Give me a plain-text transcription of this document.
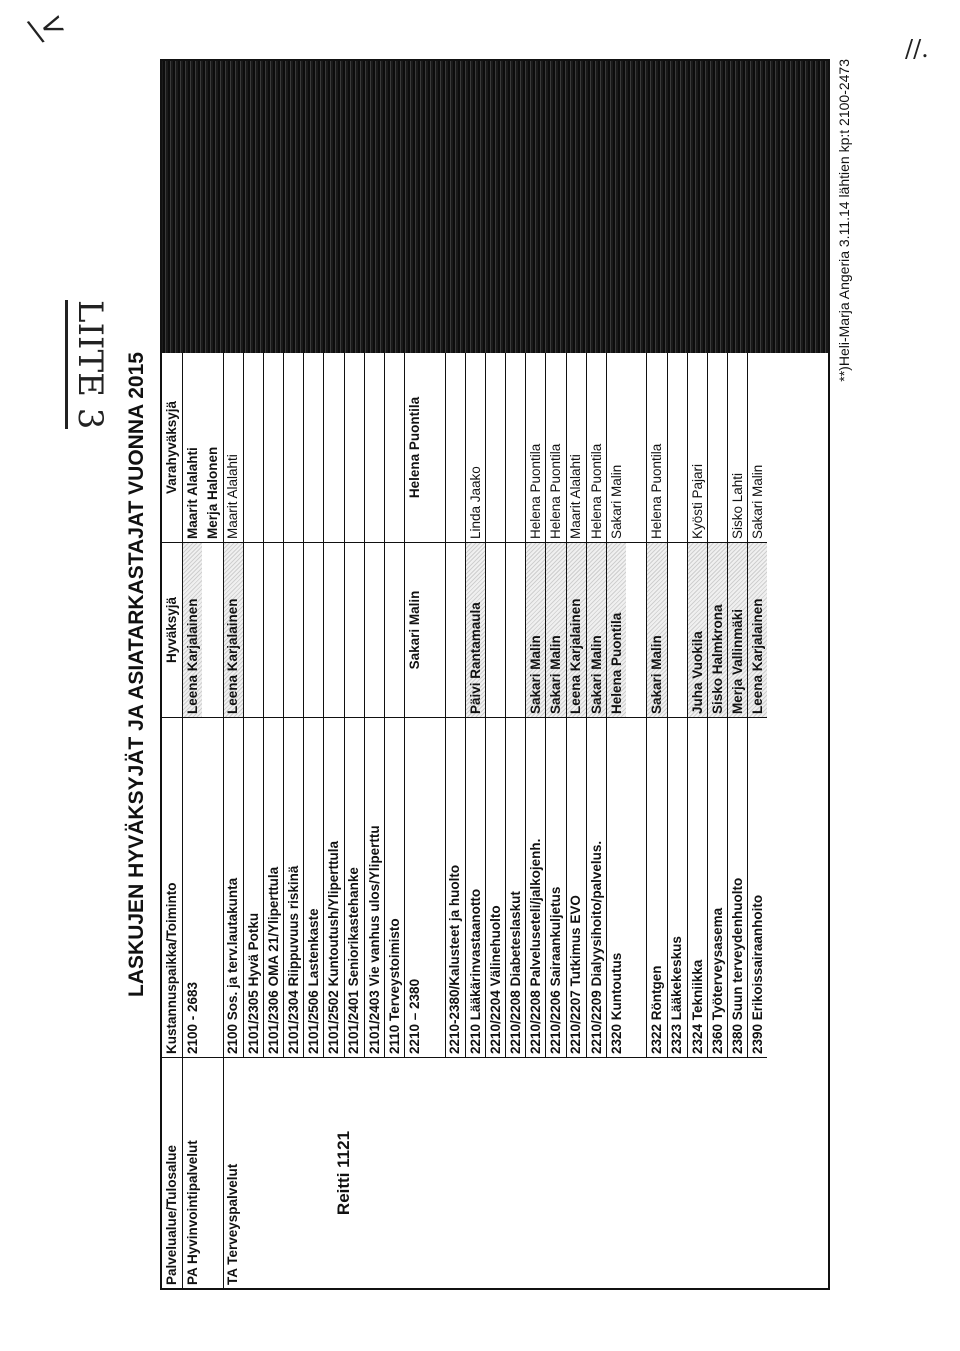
\<	//.
LIITE 3 LASKUJEN HYVÄKSYJÄT JA ASIATARKASTAJAT VUONNA 2015
Palvelualue/Tulosalue
Kustannuspaikka/Toiminto
Hyväksyjä
Varahyväksyjä
PA Hyvinvointipalvelut TA Terveyspalvelut	Reitti 1121
2100 - 2683
Leena Karjalainen
Maarit Alalahti Merja Halonen
2100 Sos. ja terv.lautakunta
Leena Karjalainen
Maarit Alalahti
2101/2305 Hyvä Potku 2101/2306 OMA 21/Yliperttula 2101/2304 Riippuvuus riskinä 2101/2506 Lastenkaste 2101/2502 Kuntoutush/Yliperttula 2101/2401 Seniorikastehanke 2101/2403 Vie vanhus ulos/Yliperttu 2110 Terveystoimisto 2210 – 2380
Sakari Malin
Helena Puontila
2210-2380/Kalusteet ja huolto 2210 Lääkärinvastaanotto
Päivi Rantamaula
Linda Jaako
2210/2204 Välinehuolto 2210/2208 Diabeteslaskut 2210/2208 Palveluseteli/jalkojenh.
Sakari Malin
Helena Puontila
2210/2206 Sairaankuljetus
Sakari Malin
Helena Puontila
2210/2207 Tutkimus EVO
Leena Karjalainen
Maarit Alalahti
2210/2209 Dialyysihoito/palvelus.
Sakari Malin
Helena Puontila
2320 Kuntoutus
Helena Puontila
Sakari Malin
2322 Röntgen
Sakari Malin
Helena Puontila
2323 Lääkekeskus 2324 Tekniikka
Juha Vuokila
Kyösti Pajari
2360 Työterveysasema
Sisko Halmkrona
2380 Suun terveydenhuolto
Merja Vallinmäki
Sisko Lahti
2390 Erikoissairaanhoito
Leena Karjalainen
Sakari Malin
**)Heli-Marja Angeria 3.11.14 lähtien kp:t 2100-2473
